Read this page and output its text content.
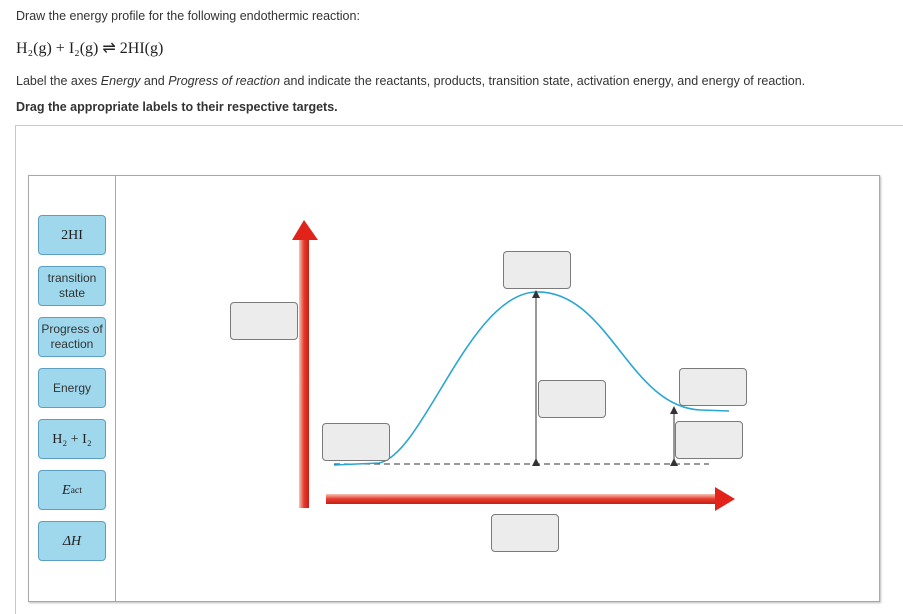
Draw the energy profile for the following endothermic reaction:
H₂(g) + I₂(g) ⇌ 2HI(g)
Label the axes Energy and Progress of reaction and indicate the reactants, products, transition state, activation energy, and energy of reaction.
Drag the appropriate labels to their respective targets.
2HI
transition
state
Progress of
reaction
Energy
H₂ + I₂
E act
ΔH
